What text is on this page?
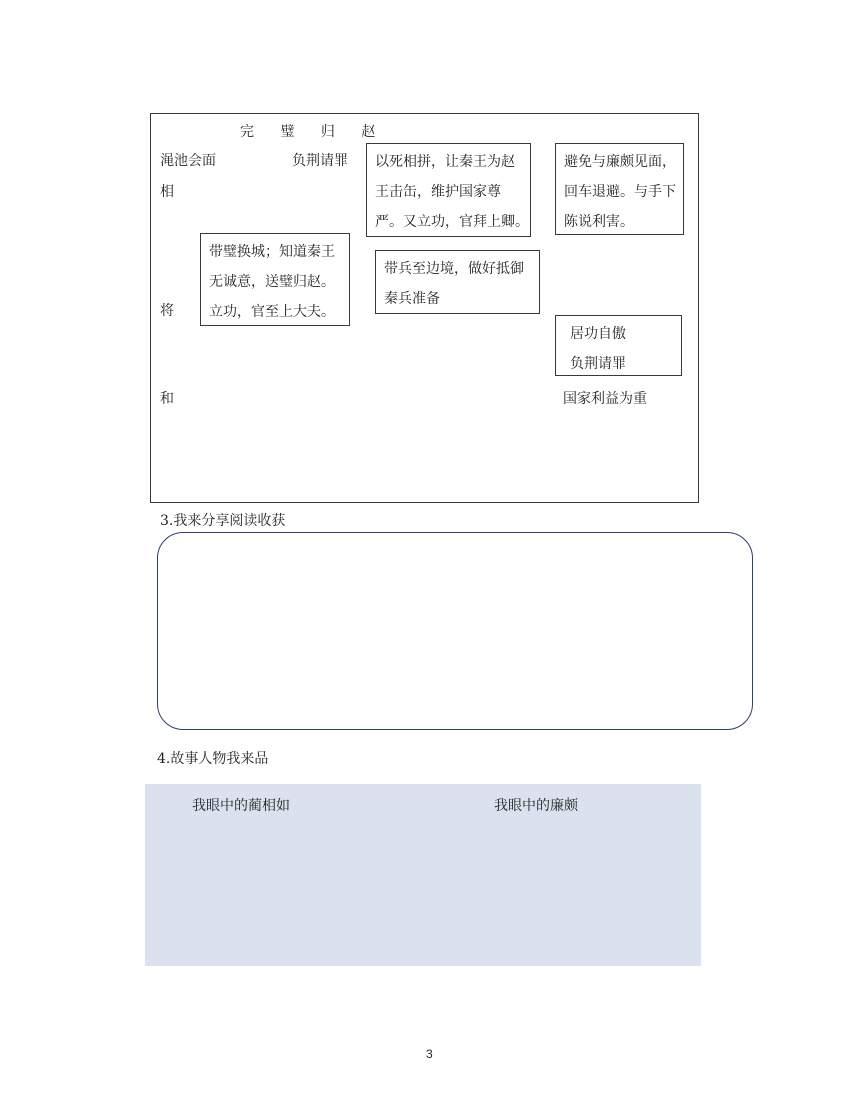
完 璧 归 赵
渑池会面	负荆请罪
相
将
和
以死相拼，让秦王为赵
王击缶，维护国家尊
严。又立功，官拜上卿。
避免与廉颇见面，
回车退避。与手下
陈说利害。
带璧换城；知道秦王
无诚意，送璧归赵。
立功，官至上大夫。
带兵至边境，做好抵御
秦兵准备
居功自傲
负荆请罪
国家利益为重
3.我来分享阅读收获
4.故事人物我来品
我眼中的蔺相如	我眼中的廉颇
3
